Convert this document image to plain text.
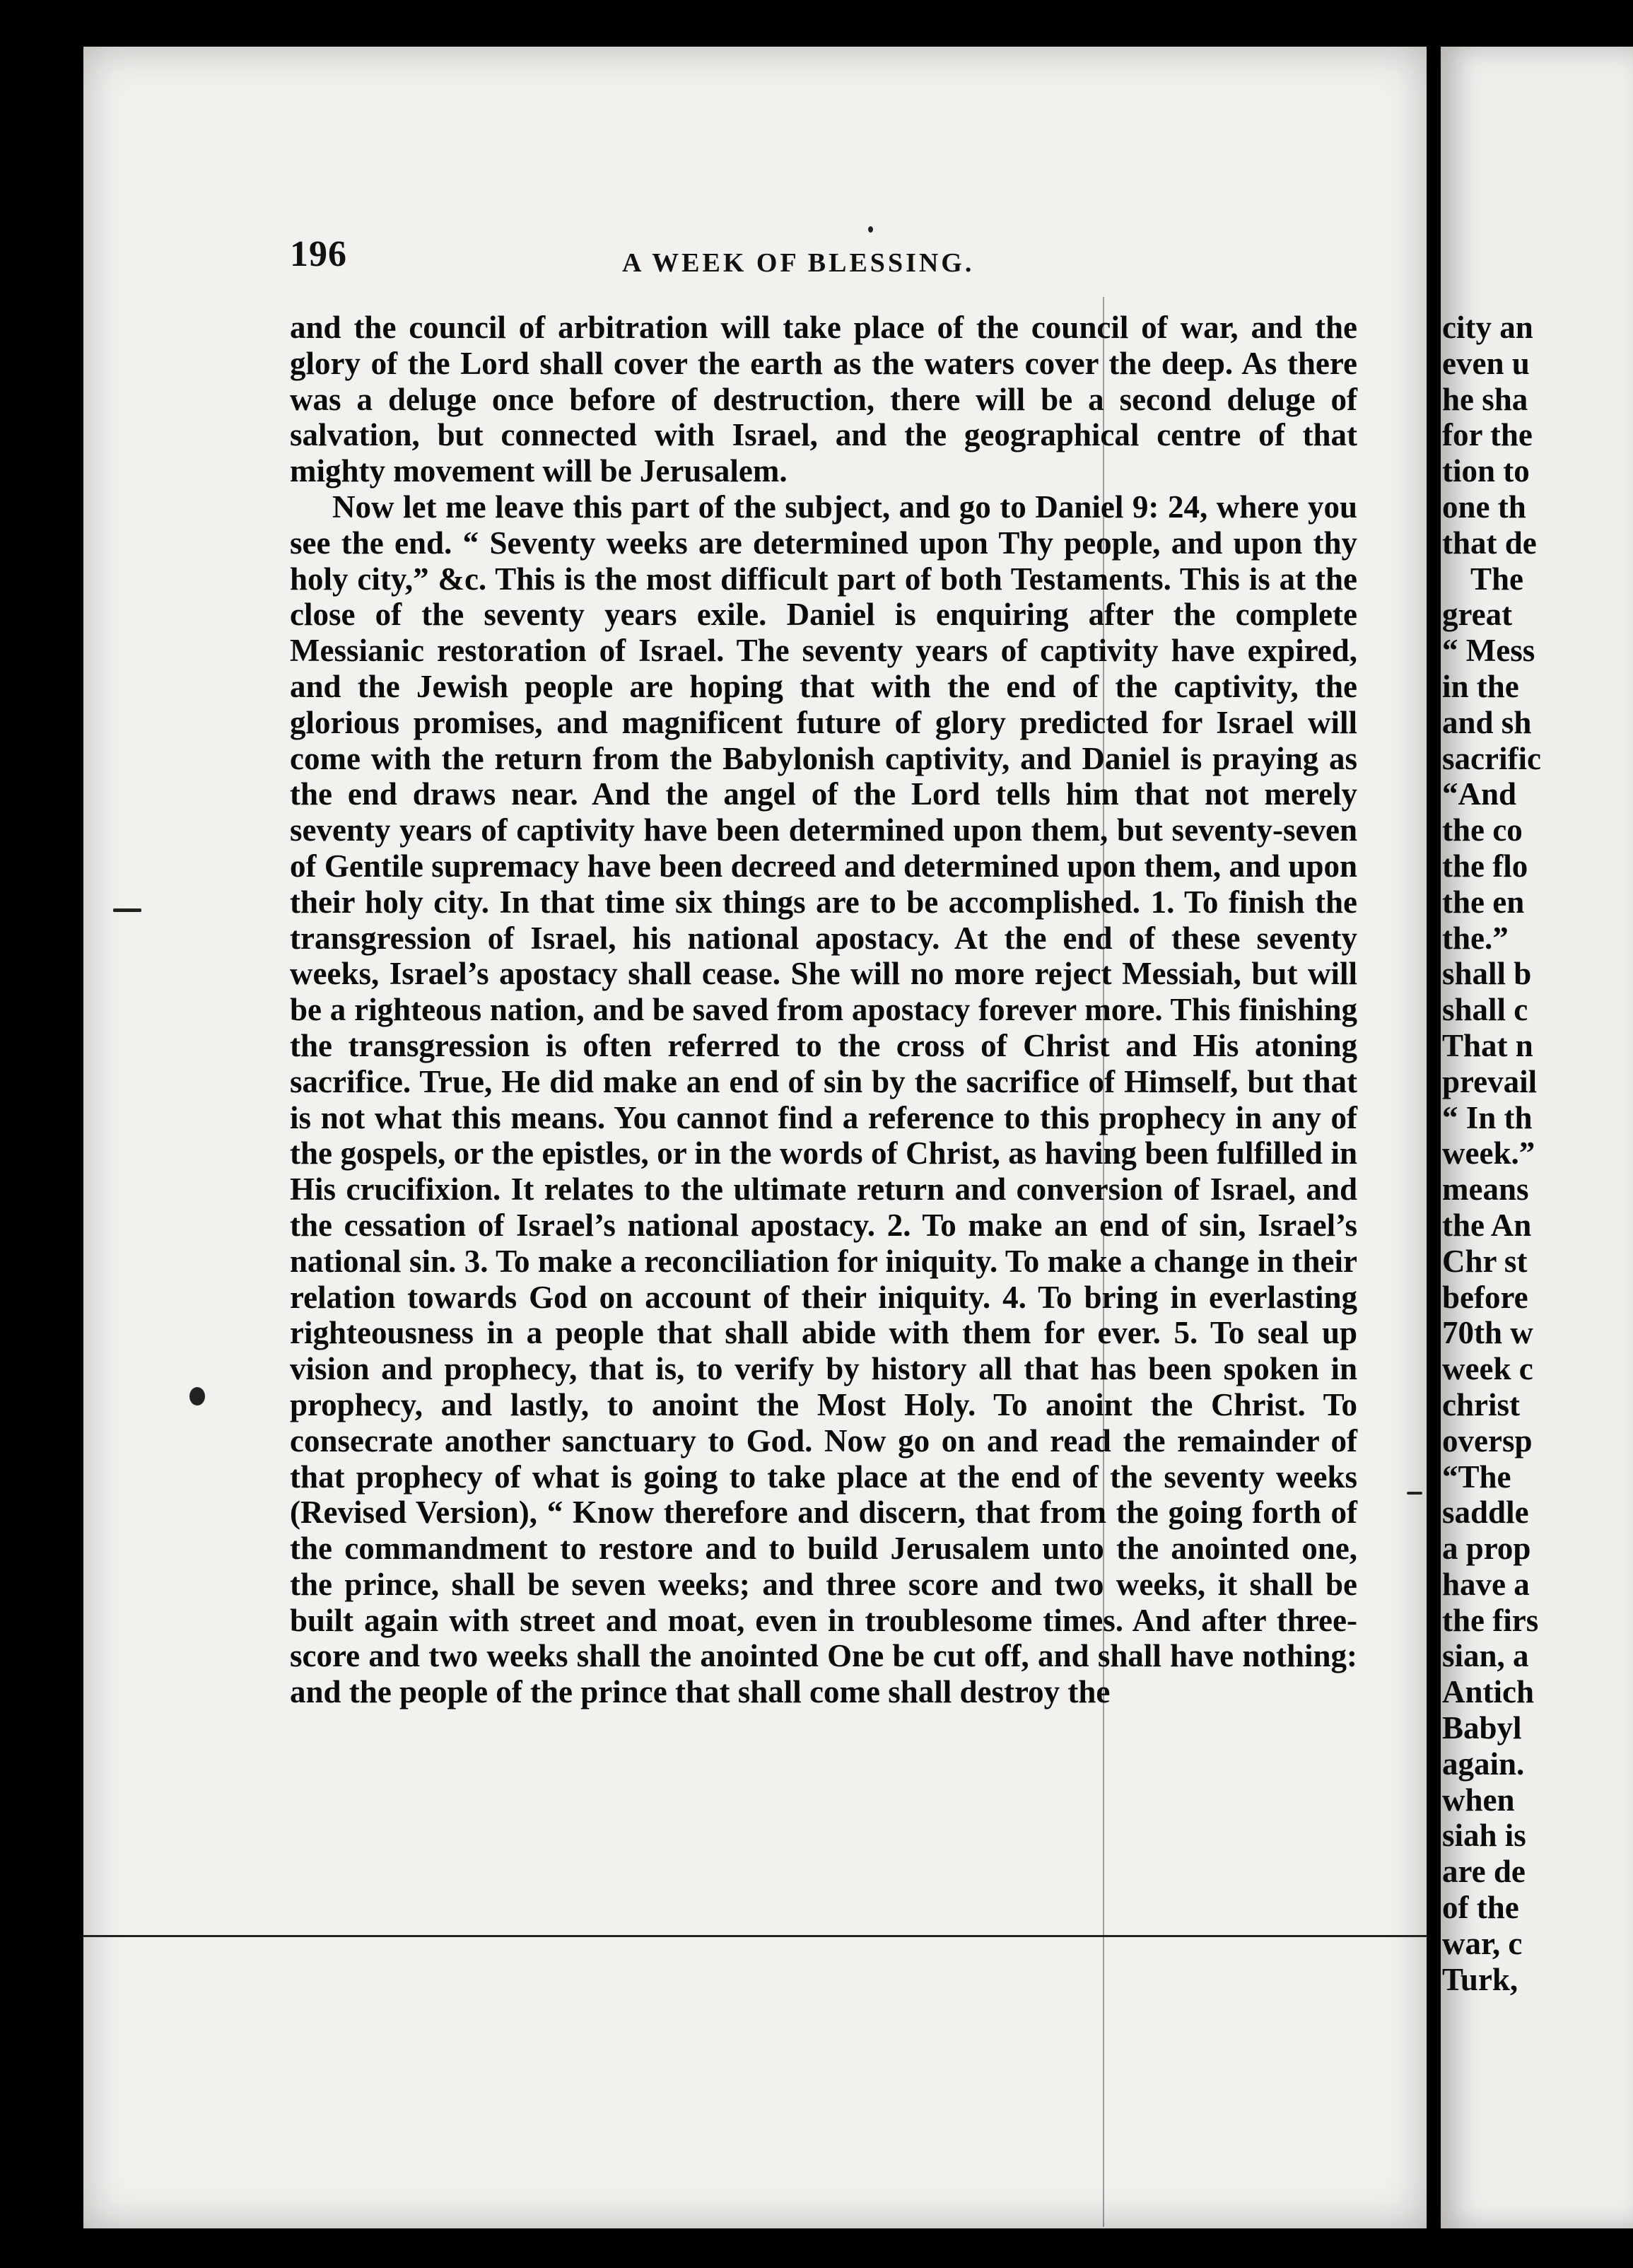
196	A WEEK OF BLESSING.

and the council of arbitration will take place of the council of war, and the glory of the Lord shall cover the earth as the waters cover the deep. As there was a deluge once before of destruction, there will be a second deluge of salvation, but connected with Israel, and the geographical centre of that mighty movement will be Jerusalem.

Now let me leave this part of the subject, and go to Daniel 9: 24, where you see the end. “ Seventy weeks are determined upon Thy people, and upon thy holy city,” &c. This is the most difficult part of both Testaments. This is at the close of the seventy years exile. Daniel is enquiring after the complete Messianic restoration of Israel. The seventy years of captivity have expired, and the Jewish people are hoping that with the end of the captivity, the glorious promises, and magnificent future of glory predicted for Israel will come with the return from the Babylonish captivity, and Daniel is praying as the end draws near. And the angel of the Lord tells him that not merely seventy years of captivity have been determined upon them, but seventy-seven of Gentile supremacy have been decreed and determined upon them, and upon their holy city. In that time six things are to be accomplished. 1. To finish the transgression of Israel, his national apostacy. At the end of these seventy weeks, Israel’s apostacy shall cease. She will no more reject Messiah, but will be a righteous nation, and be saved from apostacy forever more. This finishing the transgression is often referred to the cross of Christ and His atoning sacrifice. True, He did make an end of sin by the sacrifice of Himself, but that is not what this means. You cannot find a reference to this prophecy in any of the gospels, or the epistles, or in the words of Christ, as having been fulfilled in His crucifixion. It relates to the ultimate return and conversion of Israel, and the cessation of Israel’s national apostacy. 2. To make an end of sin, Israel’s national sin. 3. To make a reconciliation for iniquity. To make a change in their relation towards God on account of their iniquity. 4. To bring in everlasting righteousness in a people that shall abide with them for ever. 5. To seal up vision and prophecy, that is, to verify by history all that has been spoken in prophecy, and lastly, to anoint the Most Holy. To anoint the Christ. To consecrate another sanctuary to God. Now go on and read the remainder of that prophecy of what is going to take place at the end of the seventy weeks (Revised Version), “ Know therefore and discern, that from the going forth of the commandment to restore and to build Jerusalem unto the anointed one, the prince, shall be seven weeks; and three score and two weeks, it shall be built again with street and moat, even in troublesome times. And after three-score and two weeks shall the anointed One be cut off, and shall have nothing: and the people of the prince that shall come shall destroy the

city an
even u
he sha
for the
tion to
one th
that de
The
great
“ Mess
in the
and sh
sacrific
“And
the co
the flo
the en
the.”
shall b
shall c
That n
prevail
“ In th
week.”
means
the An
Chr st
before
70th w
week c
christ
oversp
“The
saddle
a prop
have a
the firs
sian, a
Antich
Babyl
again.
when
siah is
are de
of the
war, c
Turk,
